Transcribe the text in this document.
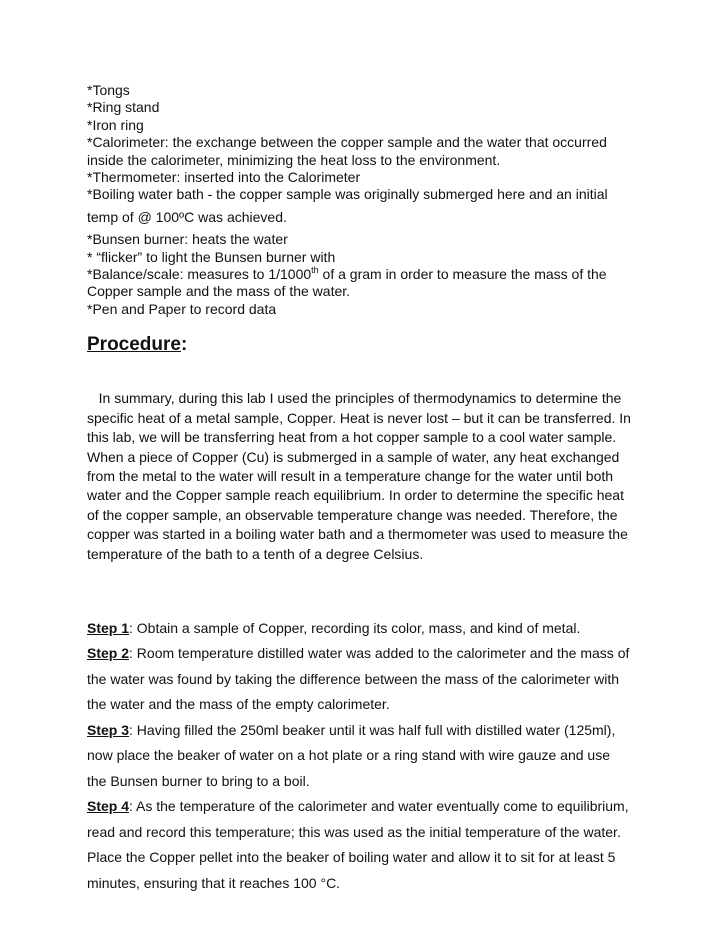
*Tongs
*Ring stand
*Iron ring
*Calorimeter: the exchange between the copper sample and the water that occurred
inside the calorimeter, minimizing the heat loss to the environment.
*Thermometer: inserted into the Calorimeter
*Boiling water bath - the copper sample was originally submerged here and an initial
temp of @ 100ºC was achieved.
*Bunsen burner: heats the water
* “flicker” to light the Bunsen burner with
*Balance/scale: measures to 1/1000th of a gram in order to measure the mass of the
Copper sample and the mass of the water.
*Pen and Paper to record data
Procedure:

In summary, during this lab I used the principles of thermodynamics to determine the
specific heat of a metal sample, Copper. Heat is never lost – but it can be transferred. In
this lab, we will be transferring heat from a hot copper sample to a cool water sample.
When a piece of Copper (Cu) is submerged in a sample of water, any heat exchanged
from the metal to the water will result in a temperature change for the water until both
water and the Copper sample reach equilibrium. In order to determine the specific heat
of the copper sample, an observable temperature change was needed. Therefore, the
copper was started in a boiling water bath and a thermometer was used to measure the
temperature of the bath to a tenth of a degree Celsius.

Step 1: Obtain a sample of Copper, recording its color, mass, and kind of metal.
Step 2: Room temperature distilled water was added to the calorimeter and the mass of
the water was found by taking the difference between the mass of the calorimeter with
the water and the mass of the empty calorimeter.
Step 3: Having filled the 250ml beaker until it was half full with distilled water (125ml),
now place the beaker of water on a hot plate or a ring stand with wire gauze and use
the Bunsen burner to bring to a boil.
Step 4: As the temperature of the calorimeter and water eventually come to equilibrium,
read and record this temperature; this was used as the initial temperature of the water.
Place the Copper pellet into the beaker of boiling water and allow it to sit for at least 5
minutes, ensuring that it reaches 100 °C.
